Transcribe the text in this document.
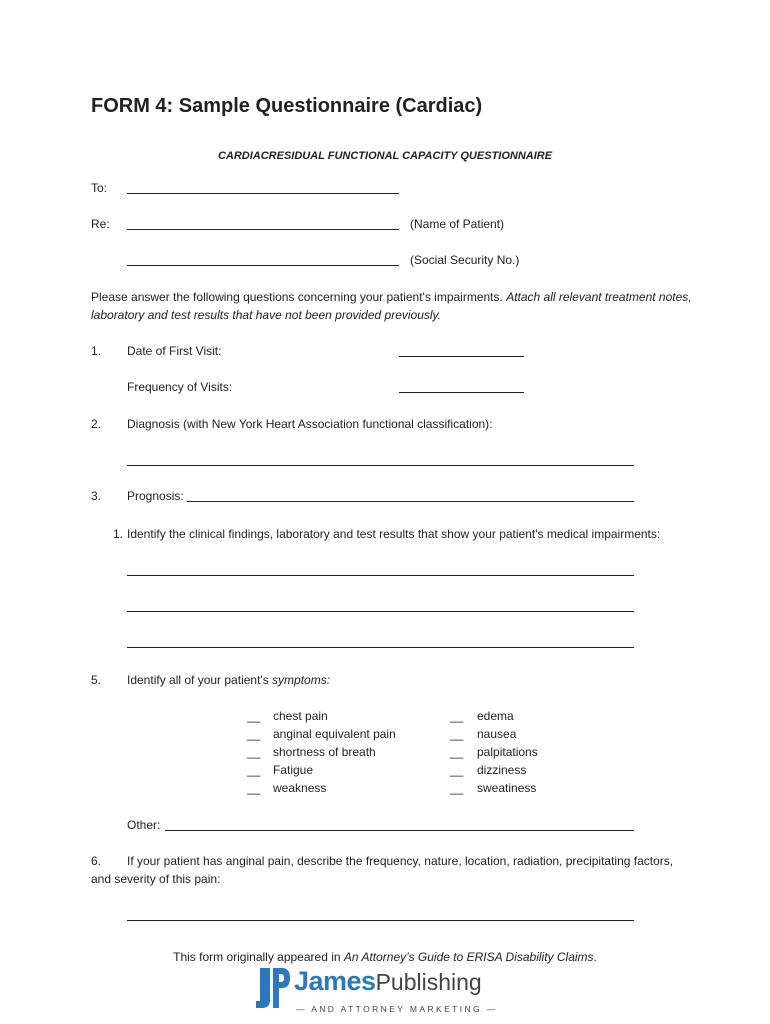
FORM 4: Sample Questionnaire (Cardiac)
CARDIACRESIDUAL FUNCTIONAL CAPACITY QUESTIONNAIRE
To:
Re:	(Name of Patient)
(Social Security No.)
Please answer the following questions concerning your patient's impairments. Attach all relevant treatment notes,
laboratory and test results that have not been provided previously.
1. Date of First Visit:
Frequency of Visits:
2. Diagnosis (with New York Heart Association functional classification):
3. Prognosis:
1. Identify the clinical findings, laboratory and test results that show your patient's medical impairments:
5. Identify all of your patient's symptoms:
__ chest pain
__ anginal equivalent pain
__ shortness of breath
__ Fatigue
__ weakness
__ edema
__ nausea
__ palpitations
__ dizziness
__ sweatiness
Other:
6. If your patient has anginal pain, describe the frequency, nature, location, radiation, precipitating factors,
and severity of this pain:
This form originally appeared in An Attorney’s Guide to ERISA Disability Claims.
JamesPublishing
— AND ATTORNEY MARKETING —
